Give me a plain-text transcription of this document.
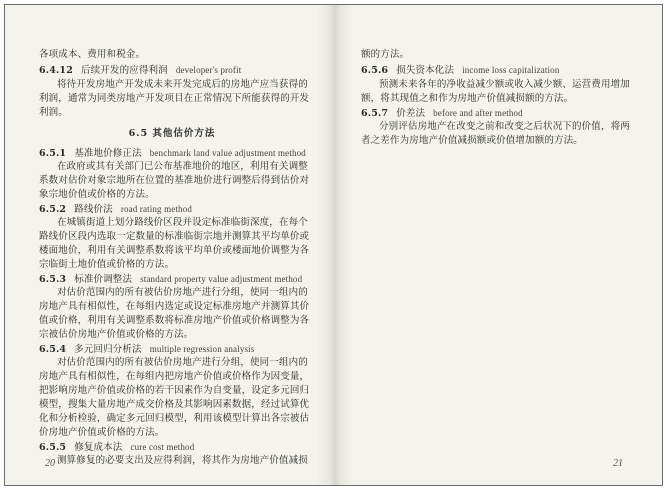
各项成本、费用和税金。
6.4.12 后续开发的应得利润 developer's profit
将待开发房地产开发成未来开发完成后的房地产应当获得的
利润，通常为同类房地产开发项目在正常情况下所能获得的开发
利润。
6.5 其他估价方法
6.5.1 基准地价修正法 benchmark land value adjustment method
在政府或其有关部门已公布基准地价的地区，利用有关调整
系数对估价对象宗地所在位置的基准地价进行调整后得到估价对
象宗地价值或价格的方法。
6.5.2 路线价法 road rating method
在城镇街道上划分路线价区段并设定标准临街深度，在每个
路线价区段内选取一定数量的标准临街宗地并测算其平均单价或
楼面地价，利用有关调整系数将该平均单价或楼面地价调整为各
宗临街土地价值或价格的方法。
6.5.3 标准价调整法 standard property value adjustment method
对估价范围内的所有被估价房地产进行分组，使同一组内的
房地产具有相似性，在每组内选定或设定标准房地产并测算其价
值或价格，利用有关调整系数将标准房地产价值或价格调整为各
宗被估价房地产价值或价格的方法。
6.5.4 多元回归分析法 multiple regression analysis
对估价范围内的所有被估价房地产进行分组，使同一组内的
房地产具有相似性，在每组内把房地产价值或价格作为因变量，
把影响房地产价值或价格的若干因素作为自变量，设定多元回归
模型，搜集大量房地产成交价格及其影响因素数据，经过试算优
化和分析检验，确定多元回归模型，利用该模型计算出各宗被估
价房地产价值或价格的方法。
6.5.5 修复成本法 cure cost method
测算修复的必要支出及应得利润，将其作为房地产价值减损
额的方法。
6.5.6 损失资本化法 income loss capitalization
预测未来各年的净收益减少额或收入减少额、运营费用增加
额，将其现值之和作为房地产价值减损额的方法。
6.5.7 价差法 before and after method
分别评估房地产在改变之前和改变之后状况下的价值，将两
者之差作为房地产价值减损额或价值增加额的方法。
20	21
